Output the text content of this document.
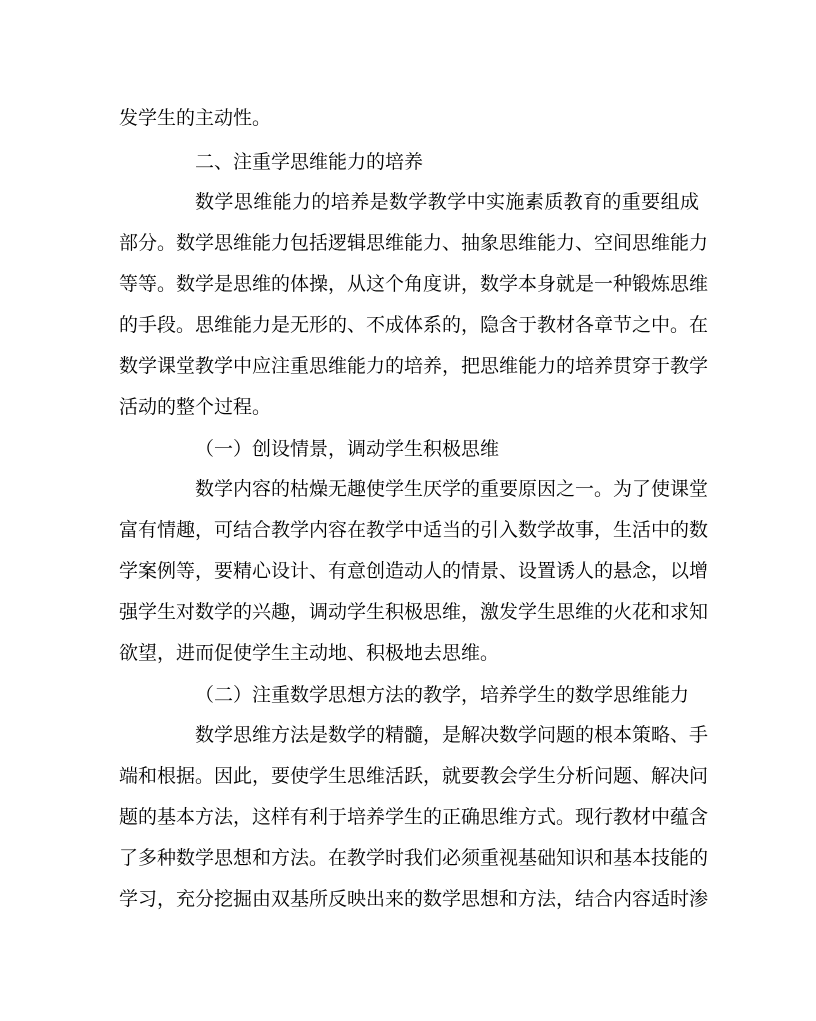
发学生的主动性。
二、注重学思维能力的培养
数学思维能力的培养是数学教学中实施素质教育的重要组成
部分。数学思维能力包括逻辑思维能力、抽象思维能力、空间思维能力
等等。数学是思维的体操，从这个角度讲，数学本身就是一种锻炼思维
的手段。思维能力是无形的、不成体系的，隐含于教材各章节之中。在
数学课堂教学中应注重思维能力的培养，把思维能力的培养贯穿于教学
活动的整个过程。
（一）创设情景，调动学生积极思维
数学内容的枯燥无趣使学生厌学的重要原因之一。为了使课堂
富有情趣，可结合教学内容在教学中适当的引入数学故事，生活中的数
学案例等，要精心设计、有意创造动人的情景、设置诱人的悬念，以增
强学生对数学的兴趣，调动学生积极思维，激发学生思维的火花和求知
欲望，进而促使学生主动地、积极地去思维。
（二）注重数学思想方法的教学，培养学生的数学思维能力
数学思维方法是数学的精髓，是解决数学问题的根本策略、手
端和根据。因此，要使学生思维活跃，就要教会学生分析问题、解决问
题的基本方法，这样有利于培养学生的正确思维方式。现行教材中蕴含
了多种数学思想和方法。在教学时我们必须重视基础知识和基本技能的
学习，充分挖掘由双基所反映出来的数学思想和方法，结合内容适时渗
